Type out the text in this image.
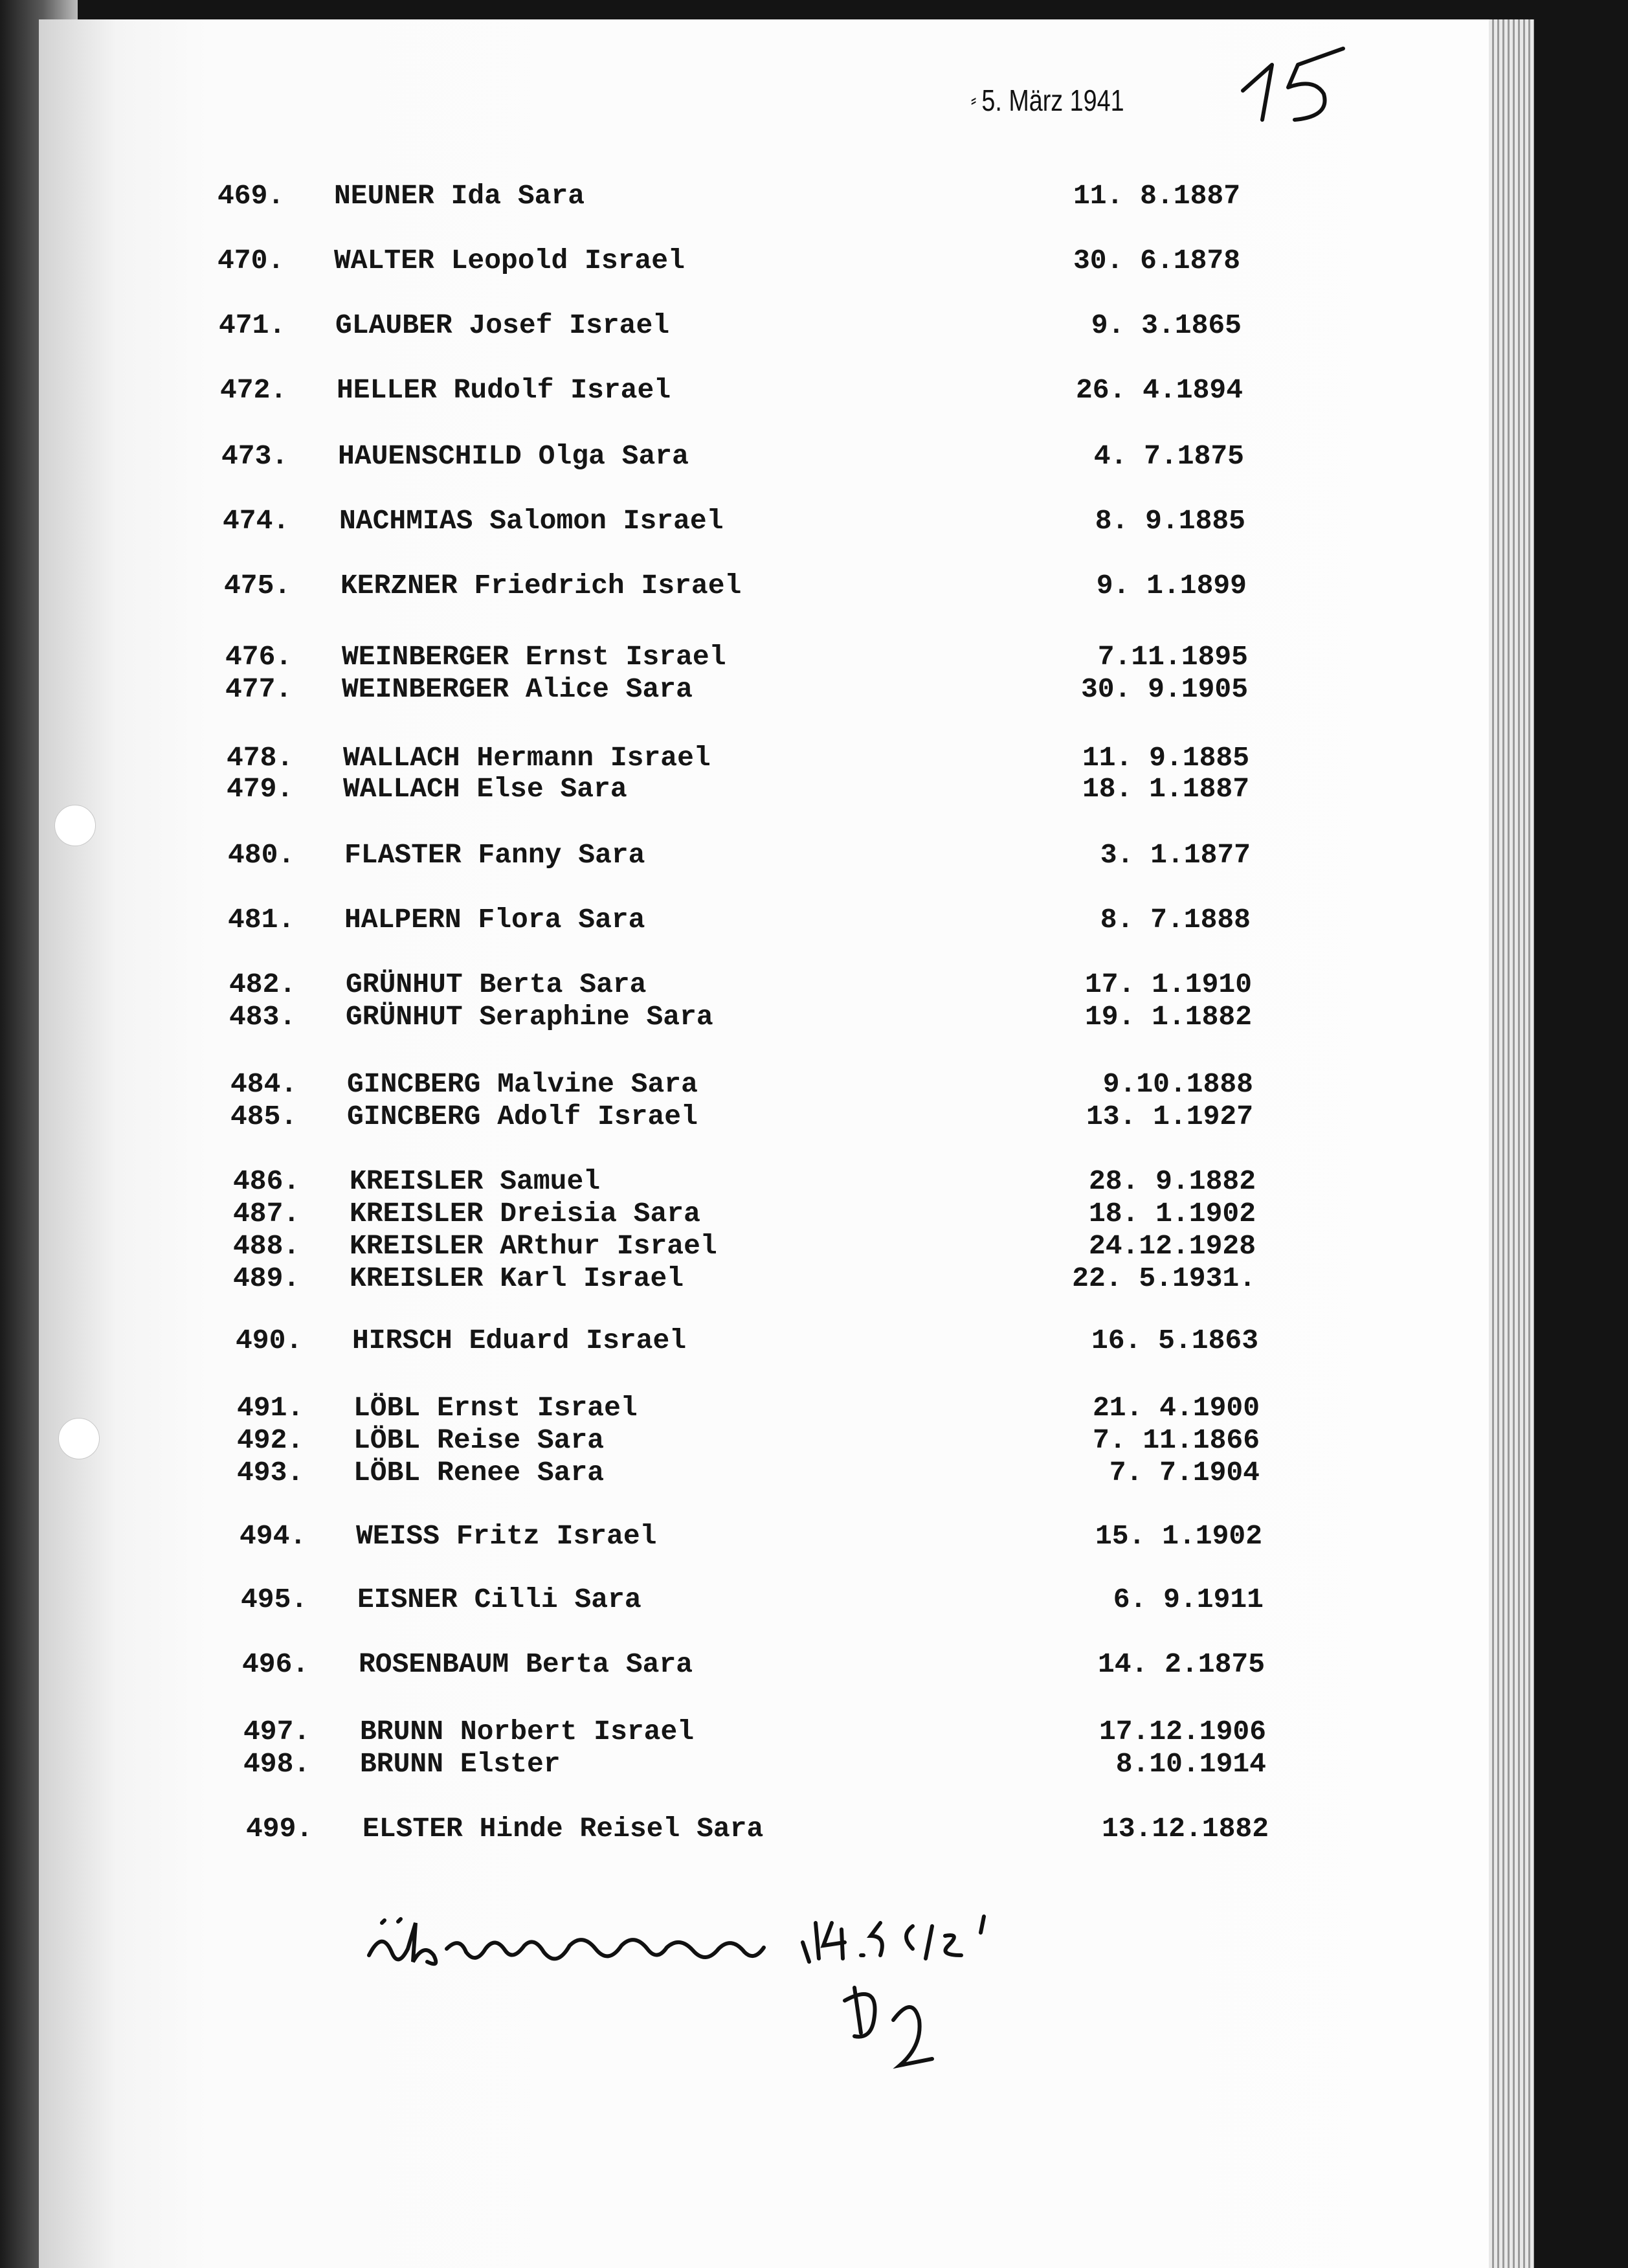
⸗ 5. März 1941
469. NEUNER Ida Sara	11. 8.1887
470. WALTER Leopold Israel	30. 6.1878
471. GLAUBER Josef Israel	9. 3.1865
472. HELLER Rudolf Israel	26. 4.1894
473. HAUENSCHILD Olga Sara	4. 7.1875
474. NACHMIAS Salomon Israel	8. 9.1885
475. KERZNER Friedrich Israel	9. 1.1899
476. WEINBERGER Ernst Israel	7.11.1895
477. WEINBERGER Alice Sara	30. 9.1905
478. WALLACH Hermann Israel	11. 9.1885
479. WALLACH Else Sara	18. 1.1887
480. FLASTER Fanny Sara	3. 1.1877
481. HALPERN Flora Sara	8. 7.1888
482. GRÜNHUT Berta Sara	17. 1.1910
483. GRÜNHUT Seraphine Sara	19. 1.1882
484. GINCBERG Malvine Sara	9.10.1888
485. GINCBERG Adolf Israel	13. 1.1927
486. KREISLER Samuel	28. 9.1882
487. KREISLER Dreisia Sara	18. 1.1902
488. KREISLER ARthur Israel	24.12.1928
489. KREISLER Karl Israel	22. 5.1931.
490. HIRSCH Eduard Israel	16. 5.1863
491. LÖBL Ernst Israel	21. 4.1900
492. LÖBL Reise Sara	7. 11.1866
493. LÖBL Renee Sara	7. 7.1904
494. WEISS Fritz Israel	15. 1.1902
495. EISNER Cilli Sara	6. 9.1911
496. ROSENBAUM Berta Sara	14. 2.1875
497. BRUNN Norbert Israel	17.12.1906
498. BRUNN Elster	8.10.1914
499. ELSTER Hinde Reisel Sara	13.12.1882
